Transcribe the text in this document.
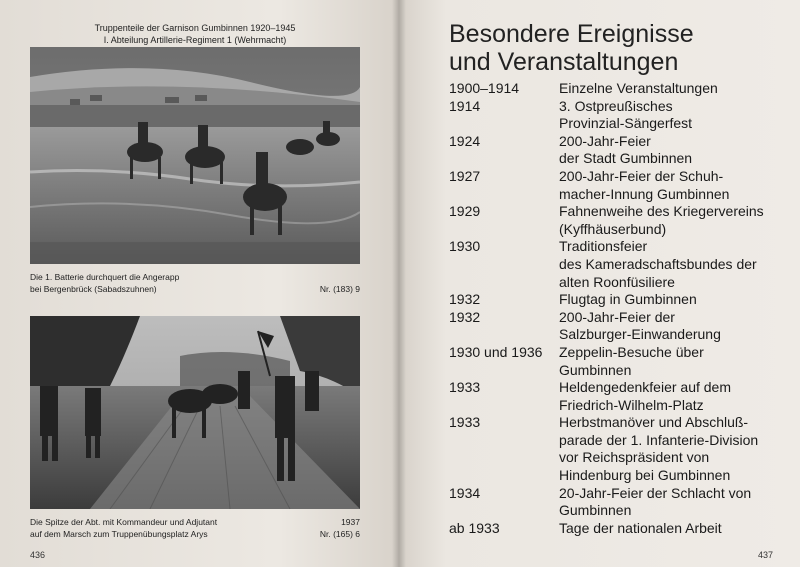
Truppenteile der Garnison Gumbinnen 1920–1945
I. Abteilung Artillerie-Regiment 1 (Wehrmacht)
Die 1. Batterie durchquert die Angerapp
bei Bergenbrück (Sabadszuhnen)	Nr. (183) 9
Die Spitze der Abt. mit Kommandeur und Adjutant	1937
auf dem Marsch zum Truppenübungsplatz Arys	Nr. (165) 6
436
Besondere Ereignisse
und Veranstaltungen
1900–1914	Einzelne Veranstaltungen
1914	3. Ostpreußisches
Provinzial-Sängerfest
1924	200-Jahr-Feier
der Stadt Gumbinnen
1927	200-Jahr-Feier der Schuh-
macher-Innung Gumbinnen
1929	Fahnenweihe des Kriegervereins
(Kyffhäuserbund)
1930	Traditionsfeier
des Kameradschaftsbundes der
alten Roonfüsiliere
1932	Flugtag in Gumbinnen
1932	200-Jahr-Feier der
Salzburger-Einwanderung
1930 und 1936	Zeppelin-Besuche über
Gumbinnen
1933	Heldengedenkfeier auf dem
Friedrich-Wilhelm-Platz
1933	Herbstmanöver und Abschluß-
parade der 1. Infanterie-Division
vor Reichspräsident von
Hindenburg bei Gumbinnen
1934	20-Jahr-Feier der Schlacht von
Gumbinnen
ab 1933	Tage der nationalen Arbeit
437
